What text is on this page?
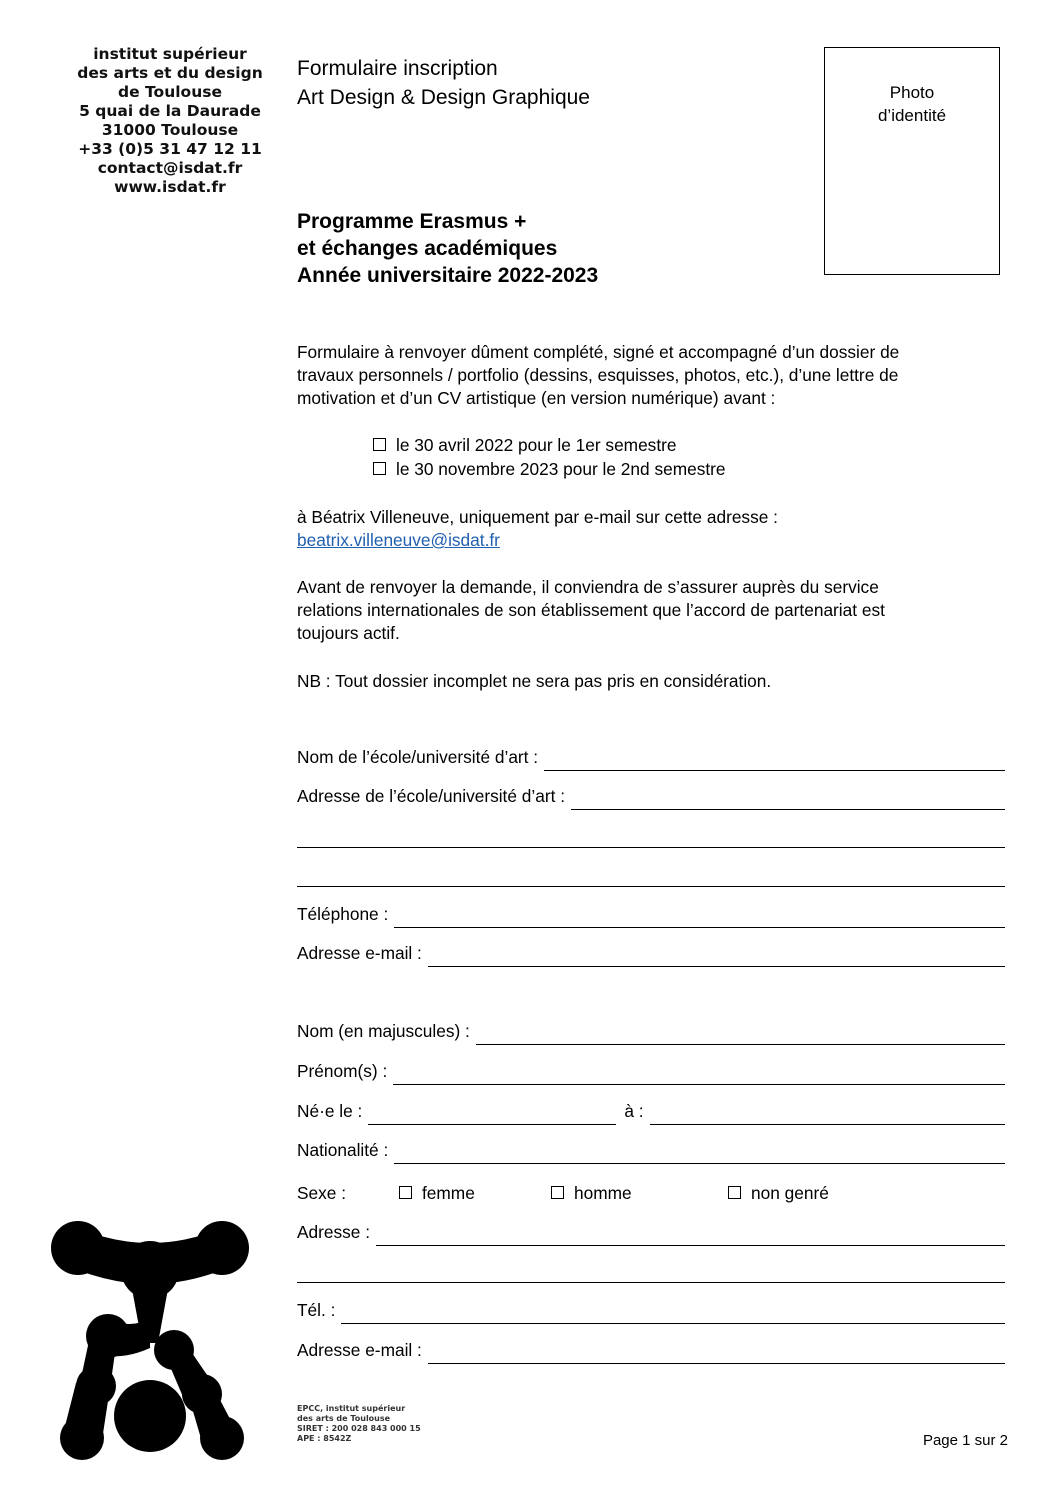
institut supérieur
des arts et du design
de Toulouse
5 quai de la Daurade
31000 Toulouse
+33 (0)5 31 47 12 11
contact@isdat.fr
www.isdat.fr
Formulaire inscription
Art Design & Design Graphique	Photo
d’identité
Programme Erasmus +
et échanges académiques
Année universitaire 2022-2023
Formulaire à renvoyer dûment complété, signé et accompagné d’un dossier de
travaux personnels / portfolio (dessins, esquisses, photos, etc.), d’une lettre de
motivation et d’un CV artistique (en version numérique) avant :
le 30 avril 2022 pour le 1er semestre
le 30 novembre 2023 pour le 2nd semestre
à Béatrix Villeneuve, uniquement par e-mail sur cette adresse :
beatrix.villeneuve@isdat.fr
Avant de renvoyer la demande, il conviendra de s’assurer auprès du service
relations internationales de son établissement que l’accord de partenariat est
toujours actif.
NB : Tout dossier incomplet ne sera pas pris en considération.
Nom de l’école/université d’art :
Adresse de l’école/université d’art :
Téléphone :
Adresse e-mail :
Nom (en majuscules) :
Prénom(s) :
Né·e le :	à :
Nationalité :
Sexe :	femme	homme	non genré
Adresse :
Tél. :
Adresse e-mail :
EPCC, institut supérieur
des arts de Toulouse
SIRET : 200 028 843 000 15
APE : 8542Z	Page 1 sur 2
